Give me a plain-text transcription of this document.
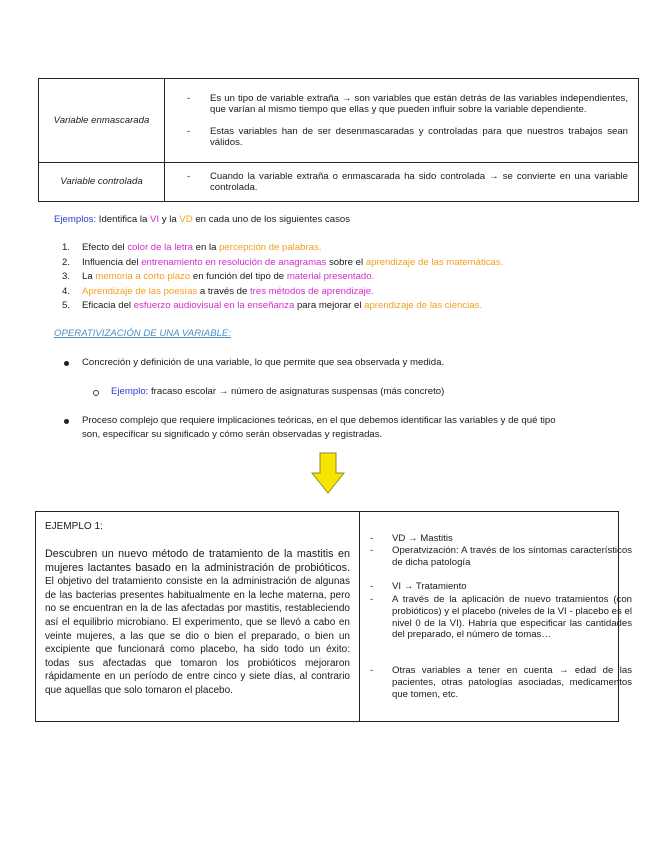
Variable enmascarada	- Es un tipo de variable extraña → son variables que están detrás de las variables independientes, que varían al mismo tiempo que ellas y que pueden influir sobre la variable dependiente.
- Estas variables han de ser desenmascaradas y controladas para que nuestros trabajos sean válidos.

Variable controlada	- Cuando la variable extraña o enmascarada ha sido controlada → se convierte en una variable controlada.
Ejemplos: Identifica la VI y la VD en cada uno de los siguientes casos
1. Efecto del color de la letra en la percepción de palabras.
2. Influencia del entrenamiento en resolución de anagramas sobre el aprendizaje de las matemáticas.
3. La memoria a corto plazo en función del tipo de material presentado.
4. Aprendizaje de las poesías a través de tres métodos de aprendizaje.
5. Eficacia del esfuerzo audiovisual en la enseñanza para mejorar el aprendizaje de las ciencias.
OPERATIVIZACIÓN DE UNA VARIABLE:
Concreción y definición de una variable, lo que permite que sea observada y medida.
Ejemplo: fracaso escolar → número de asignaturas suspensas (más concreto)
Proceso complejo que requiere implicaciones teóricas, en el que debemos identificar las variables y de qué tipo
son, especificar su significado y cómo serán observadas y registradas.
EJEMPLO 1:
Descubren un nuevo método de tratamiento de la mastitis en mujeres lactantes basado en la administración de probióticos. El objetivo del tratamiento consiste en la administración de algunas de las bacterias presentes habitualmente en la leche materna, pero no se encuentran en la de las afectadas por mastitis, restableciendo así el equilibrio microbiano. El experimento, que se llevó a cabo en veinte mujeres, a las que se dio o bien el preparado, o bien un excipiente que funcionará como placebo, ha sido todo un éxito: todas sus afectadas que tomaron los probióticos mejoraron rápidamente en un período de entre cinco y siete días, al contrario que aquellas que solo tomaron el placebo.
- VD → Mastitis
- Operatvización: A través de los síntomas característicos de dicha patología
- VI → Tratamiento
- A través de la aplicación de nuevo tratamientos (con probióticos) y el placebo (niveles de la VI - placebo es el nivel 0 de la VI). Habría que especificar las cantidades del preparado, el número de tomas…
- Otras variables a tener en cuenta → edad de las pacientes, otras patologías asociadas, medicamentos que tomen, etc.
